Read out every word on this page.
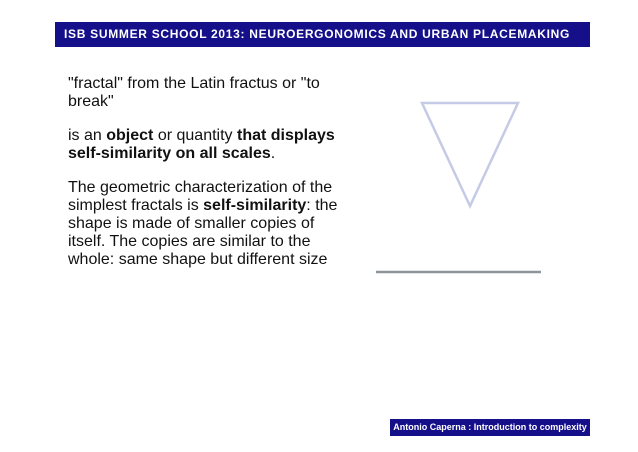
ISB SUMMER SCHOOL 2013: NEUROERGONOMICS AND URBAN PLACEMAKING

"fractal" from the Latin fractus or "to break"

is an object or quantity that displays self-similarity on all scales.

The geometric characterization of the simplest fractals is self-similarity: the shape is made of smaller copies of itself. The copies are similar to the whole: same shape but different size

Antonio Caperna : Introduction to complexity
